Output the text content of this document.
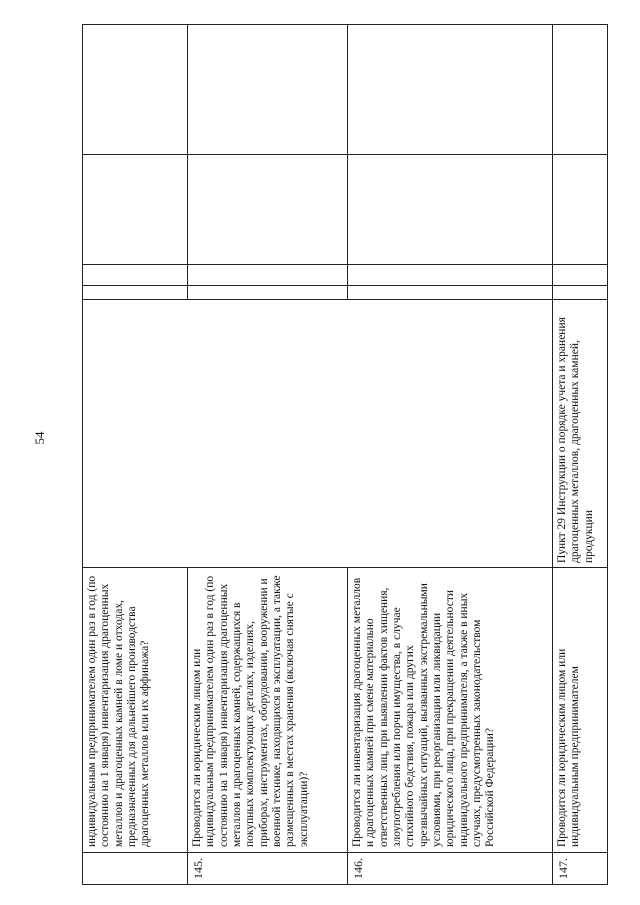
54
	индивидуальным предпринимателем один раз в год (по состоянию на 1 января) инвентаризация драгоценных металлов и драгоценных камней в ломе и отходах, предназначенных для дальнейшего производства драгоценных металлов или их аффинажа?					
145.	Проводится ли юридическим лицом или индивидуальным предпринимателем один раз в год (по состоянию на 1 января) инвентаризация драгоценных металлов и драгоценных камней, содержащихся в покупных комплектующих деталях, изделиях, приборах, инструментах, оборудовании, вооружении и военной технике, находящихся в эксплуатации, а также размещенных в местах хранения (включая снятые с эксплуатации)?					
146.	Проводится ли инвентаризация драгоценных металлов и драгоценных камней при смене материально ответственных лиц, при выявлении фактов хищения, злоупотребления или порчи имущества, в случае стихийного бедствия, пожара или других чрезвычайных ситуаций, вызванных экстремальными условиями, при реорганизации или ликвидации юридического лица, при прекращении деятельности индивидуального предпринимателя, а также в иных случаях, предусмотренных законодательством Российской Федерации?					
147.	Проводится ли юридическим лицом или индивидуальным предпринимателем	Пункт 29 Инструкции о порядке учета и хранения драгоценных металлов, драгоценных камней, продукции				
